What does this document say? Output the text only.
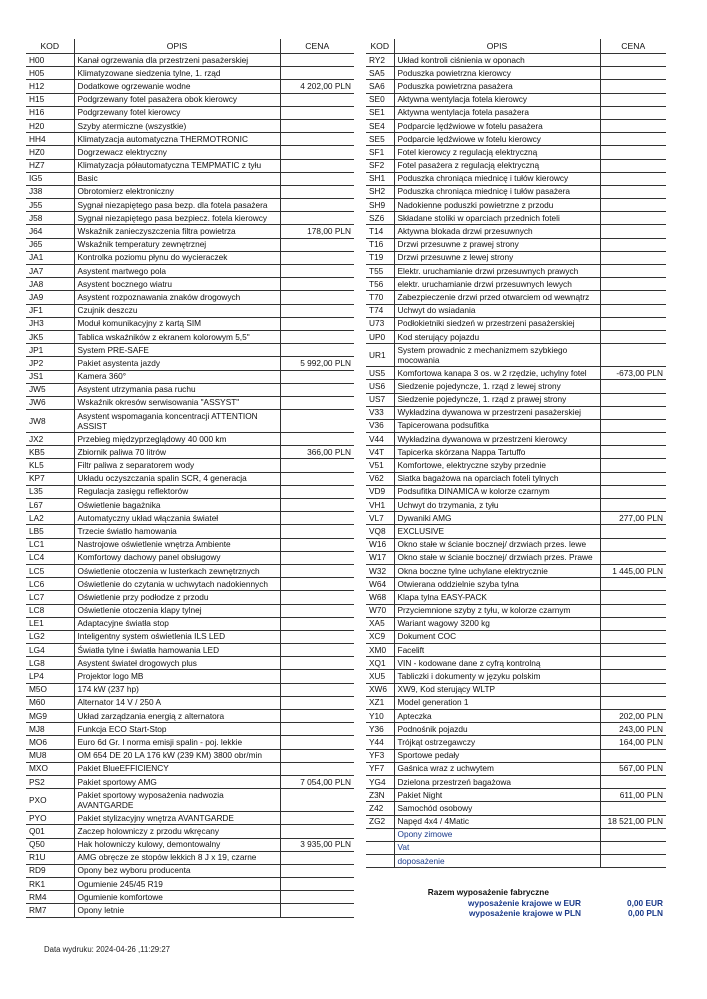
KOD	OPIS	CENA
H00	Kanał ogrzewania dla przestrzeni pasażerskiej	
H05	Klimatyzowane siedzenia tylne, 1. rząd	
H12	Dodatkowe ogrzewanie wodne	4 202,00 PLN
H15	Podgrzewany fotel pasażera obok kierowcy	
H16	Podgrzewany fotel kierowcy	
H20	Szyby atermiczne (wszystkie)	
HH4	Klimatyzacja automatyczna THERMOTRONIC	
HZ0	Dogrzewacz elektryczny	
HZ7	Klimatyzacja półautomatyczna TEMPMATIC z tyłu	
IG5	Basic	
J38	Obrotomierz elektroniczny	
J55	Sygnał niezapiętego pasa bezp. dla fotela pasażera	
J58	Sygnał niezapiętego pasa bezpiecz. fotela kierowcy	
J64	Wskaźnik zanieczyszczenia filtra powietrza	178,00 PLN
J65	Wskaźnik temperatury zewnętrznej	
JA1	Kontrolka poziomu płynu do wycieraczek	
JA7	Asystent martwego pola	
JA8	Asystent bocznego wiatru	
JA9	Asystent rozpoznawania znaków drogowych	
JF1	Czujnik deszczu	
JH3	Moduł komunikacyjny z kartą SIM	
JK5	Tablica wskaźników z ekranem kolorowym 5,5"	
JP1	System PRE-SAFE	
JP2	Pakiet asystenta jazdy	5 992,00 PLN
JS1	Kamera 360°	
JW5	Asystent utrzymania pasa ruchu	
JW6	Wskaźnik okresów serwisowania "ASSYST"	
JW8	Asystent wspomagania koncentracji ATTENTION ASSIST	
JX2	Przebieg międzyprzeglądowy 40 000 km	
KB5	Zbiornik paliwa 70 litrów	366,00 PLN
KL5	Filtr paliwa z separatorem wody	
KP7	Układu oczyszczania spalin SCR, 4 generacja	
L35	Regulacja zasięgu reflektorów	
L67	Oświetlenie bagażnika	
LA2	Automatyczny układ włączania świateł	
LB5	Trzecie światło hamowania	
LC1	Nastrojowe oświetlenie wnętrza Ambiente	
LC4	Komfortowy dachowy panel obsługowy	
LC5	Oświetlenie otoczenia w lusterkach zewnętrznych	
LC6	Oświetlenie do czytania w uchwytach nadokiennych	
LC7	Oświetlenie przy podłodze z przodu	
LC8	Oświetlenie otoczenia klapy tylnej	
LE1	Adaptacyjne światła stop	
LG2	Inteligentny system oświetlenia ILS LED	
LG4	Światła tylne i światła hamowania LED	
LG8	Asystent świateł drogowych plus	
LP4	Projektor logo MB	
M5O	174 kW (237 hp)	
M60	Alternator 14 V / 250 A	
MG9	Układ zarządzania energią z alternatora	
MJ8	Funkcja ECO Start-Stop	
MO6	Euro 6d Gr. I norma emisji spalin - poj. lekkie	
MU8	OM 654 DE 20 LA 176 kW (239 KM) 3800 obr/min	
MXO	Pakiet BlueEFFICIENCY	
PS2	Pakiet sportowy AMG	7 054,00 PLN
PXO	Pakiet sportowy wyposażenia nadwozia AVANTGARDE	
PYO	Pakiet stylizacyjny wnętrza AVANTGARDE	
Q01	Zaczep holowniczy z przodu wkręcany	
Q50	Hak holowniczy kulowy, demontowalny	3 935,00 PLN
R1U	AMG obręcze ze stopów lekkich 8 J x 19, czarne	
RD9	Opony bez wyboru producenta	
RK1	Ogumienie 245/45 R19	
RM4	Ogumienie komfortowe	
RM7	Opony letnie	
KOD	OPIS	CENA
RY2	Układ kontroli ciśnienia w oponach	
SA5	Poduszka powietrzna kierowcy	
SA6	Poduszka powietrzna pasażera	
SE0	Aktywna wentylacja fotela kierowcy	
SE1	Aktywna wentylacja fotela pasażera	
SE4	Podparcie lędźwiowe w fotelu pasażera	
SE5	Podparcie lędźwiowe w fotelu kierowcy	
SF1	Fotel kierowcy z regulacją elektryczną	
SF2	Fotel pasażera z regulacją elektryczną	
SH1	Poduszka chroniąca miednicę i tułów kierowcy	
SH2	Poduszka chroniąca miednicę i tułów pasażera	
SH9	Nadokienne poduszki powietrzne z przodu	
SZ6	Składane stoliki w oparciach przednich foteli	
T14	Aktywna blokada drzwi przesuwnych	
T16	Drzwi przesuwne z prawej strony	
T19	Drzwi przesuwne z lewej strony	
T55	Elektr. uruchamianie drzwi przesuwnych prawych	
T56	elektr. uruchamianie drzwi przesuwnych lewych	
T70	Zabezpieczenie drzwi przed otwarciem od wewnątrz	
T74	Uchwyt do wsiadania	
U73	Podłokietniki siedzeń w przestrzeni pasażerskiej	
UP0	Kod sterujący pojazdu	
UR1	System prowadnic z mechanizmem szybkiego mocowania	
US5	Komfortowa kanapa 3 os. w 2 rzędzie, uchylny fotel	-673,00 PLN
US6	Siedzenie pojedyncze, 1. rząd z lewej strony	
US7	Siedzenie pojedyncze, 1. rząd z prawej strony	
V33	Wykładzina dywanowa w przestrzeni pasażerskiej	
V36	Tapicerowana podsufitka	
V44	Wykładzina dywanowa w przestrzeni kierowcy	
V4T	Tapicerka skórzana Nappa Tartuffo	
V51	Komfortowe, elektryczne szyby przednie	
V62	Siatka bagażowa na oparciach foteli tylnych	
VD9	Podsufitka DINAMICA w kolorze czarnym	
VH1	Uchwyt do trzymania, z tyłu	
VL7	Dywaniki AMG	277,00 PLN
VQ8	EXCLUSIVE	
W16	Okno stałe w ścianie bocznej/ drzwiach przes. lewe	
W17	Okno stałe w ścianie bocznej/ drzwiach przes. Prawe	
W32	Okna boczne tylne uchylane elektrycznie	1 445,00 PLN
W64	Otwierana oddzielnie szyba tylna	
W68	Klapa tylna EASY-PACK	
W70	Przyciemnione szyby z tyłu, w kolorze czarnym	
XA5	Wariant wagowy 3200 kg	
XC9	Dokument COC	
XM0	Facelift	
XQ1	VIN - kodowane dane z cyfrą kontrolną	
XU5	Tabliczki i dokumenty w języku polskim	
XW6	XW9, Kod sterujący WLTP	
XZ1	Model generation 1	
Y10	Apteczka	202,00 PLN
Y36	Podnośnik pojazdu	243,00 PLN
Y44	Trójkąt ostrzegawczy	164,00 PLN
YF3	Sportowe pedały	
YF7	Gaśnica wraz z uchwytem	567,00 PLN
YG4	Dzielona przestrzeń bagażowa	
Z3N	Pakiet Night	611,00 PLN
Z42	Samochód osobowy	
ZG2	Napęd 4x4 / 4Matic	18 521,00 PLN
	Opony zimowe	
	Vat	
	doposażenie	
Razem wyposażenie fabryczne
wyposażenie krajowe w EUR	0,00 EUR
wyposażenie krajowe w PLN	0,00 PLN
Data wydruku: 2024-04-26 ,11:29:27
